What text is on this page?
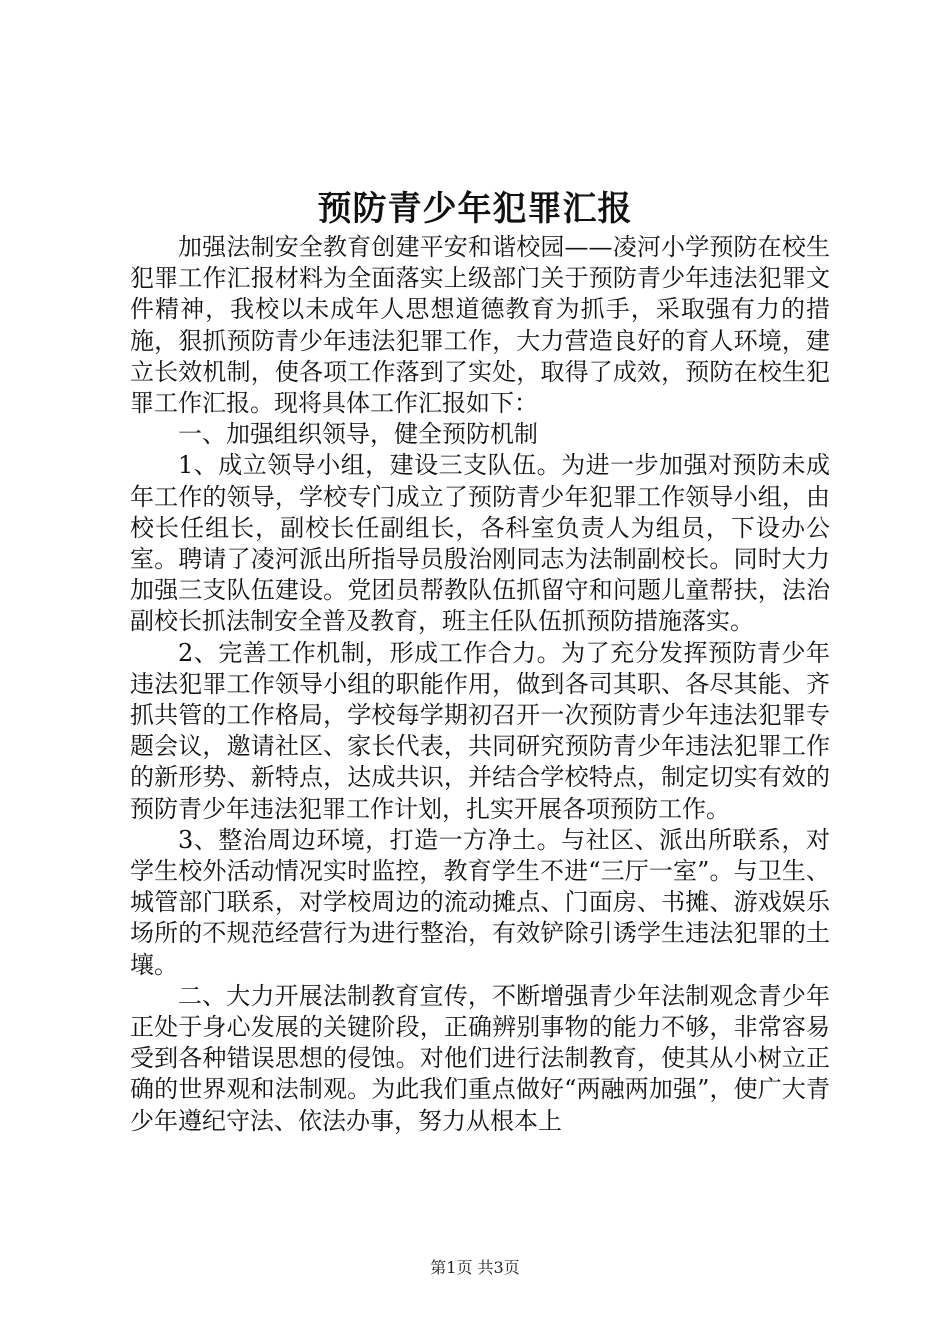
预防青少年犯罪汇报

加强法制安全教育创建平安和谐校园——凌河小学预防在校生犯罪工作汇报材料为全面落实上级部门关于预防青少年违法犯罪文件精神，我校以未成年人思想道德教育为抓手，采取强有力的措施，狠抓预防青少年违法犯罪工作，大力营造良好的育人环境，建立长效机制，使各项工作落到了实处，取得了成效，预防在校生犯罪工作汇报。现将具体工作汇报如下：

一、加强组织领导，健全预防机制

1、成立领导小组，建设三支队伍。为进一步加强对预防未成年工作的领导，学校专门成立了预防青少年犯罪工作领导小组，由校长任组长，副校长任副组长，各科室负责人为组员，下设办公室。聘请了凌河派出所指导员殷治刚同志为法制副校长。同时大力加强三支队伍建设。党团员帮教队伍抓留守和问题儿童帮扶，法治副校长抓法制安全普及教育，班主任队伍抓预防措施落实。

2、完善工作机制，形成工作合力。为了充分发挥预防青少年违法犯罪工作领导小组的职能作用，做到各司其职、各尽其能、齐抓共管的工作格局，学校每学期初召开一次预防青少年违法犯罪专题会议，邀请社区、家长代表，共同研究预防青少年违法犯罪工作的新形势、新特点，达成共识，并结合学校特点，制定切实有效的预防青少年违法犯罪工作计划，扎实开展各项预防工作。

3、整治周边环境，打造一方净土。与社区、派出所联系，对学生校外活动情况实时监控，教育学生不进“三厅一室”。与卫生、城管部门联系，对学校周边的流动摊点、门面房、书摊、游戏娱乐场所的不规范经营行为进行整治，有效铲除引诱学生违法犯罪的土壤。

二、大力开展法制教育宣传，不断增强青少年法制观念青少年正处于身心发展的关键阶段，正确辨别事物的能力不够，非常容易受到各种错误思想的侵蚀。对他们进行法制教育，使其从小树立正确的世界观和法制观。为此我们重点做好“两融两加强”，使广大青少年遵纪守法、依法办事，努力从根本上

第1页 共3页
